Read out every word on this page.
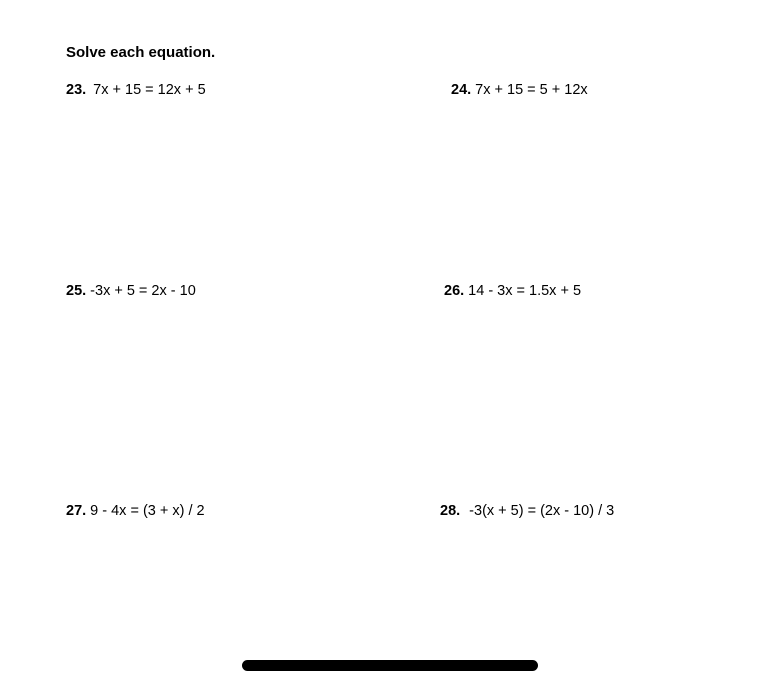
Solve each equation.
23. 7x + 15 = 12x + 5	24. 7x + 15 = 5 + 12x
25. -3x + 5 = 2x - 10	26. 14 - 3x = 1.5x + 5
27. 9 - 4x = (3 + x) / 2	28. -3(x + 5) = (2x - 10) / 3
